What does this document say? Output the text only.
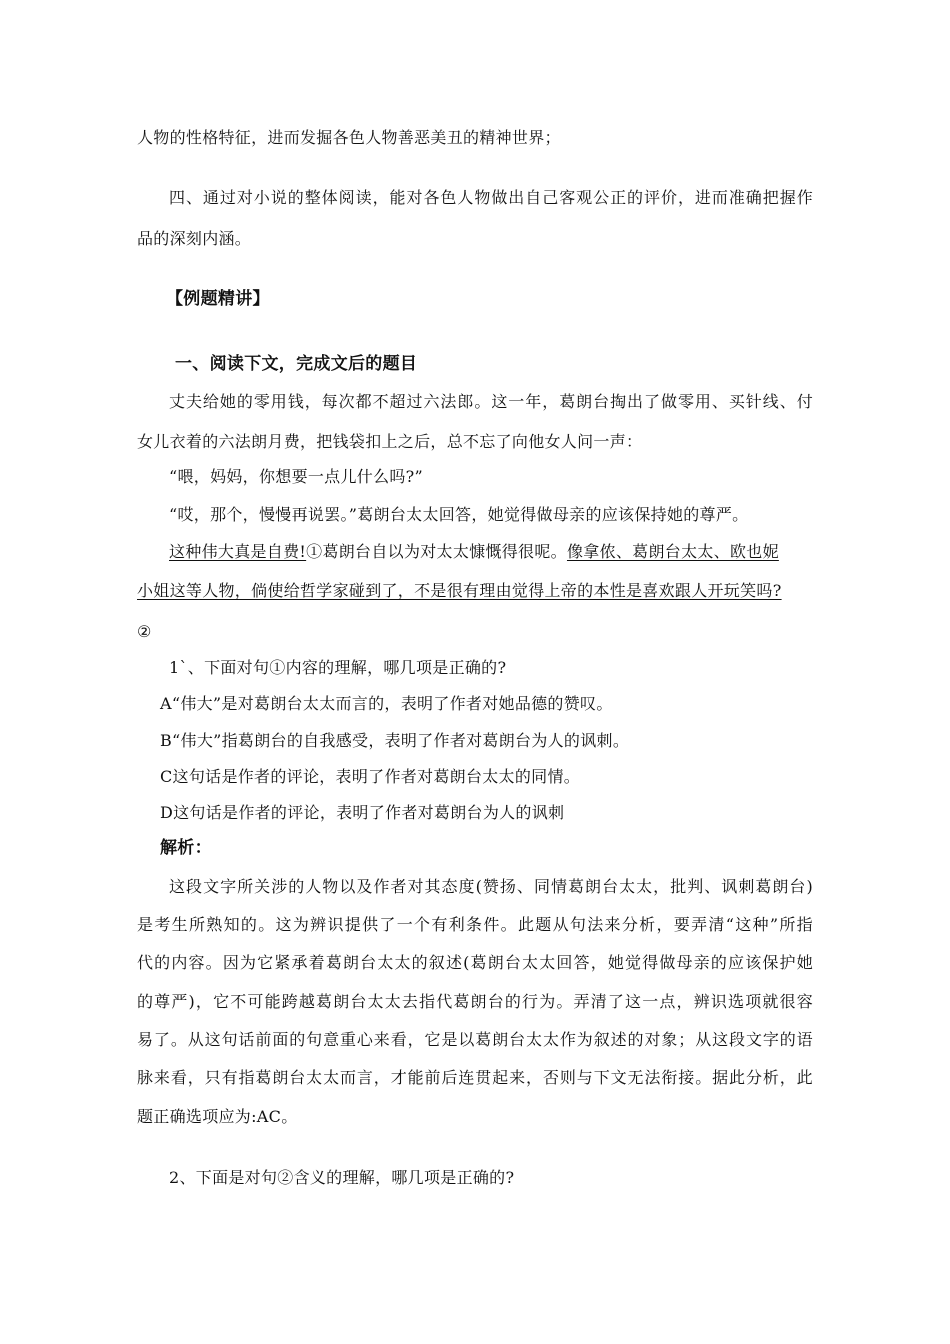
人物的性格特征，进而发掘各色人物善恶美丑的精神世界；
四、通过对小说的整体阅读，能对各色人物做出自己客观公正的评价，进而准确把握作
品的深刻内涵。
【例题精讲】
一、阅读下文，完成文后的题目
丈夫给她的零用钱，每次都不超过六法郎。这一年，葛朗台掏出了做零用、买针线、付
女儿衣着的六法朗月费，把钱袋扣上之后，总不忘了向他女人问一声：
“喂，妈妈，你想要一点儿什么吗?”
“哎，那个，慢慢再说罢。”葛朗台太太回答，她觉得做母亲的应该保持她的尊严。
这种伟大真是自费!①葛朗台自以为对太太慷慨得很呢。像拿侬、葛朗台太太、欧也妮
小姐这等人物，倘使给哲学家碰到了，不是很有理由觉得上帝的本性是喜欢跟人开玩笑吗?
②
1`、下面对句①内容的理解，哪几项是正确的?
A“伟大”是对葛朗台太太而言的，表明了作者对她品德的赞叹。
B“伟大”指葛朗台的自我感受，表明了作者对葛朗台为人的讽刺。
C这句话是作者的评论，表明了作者对葛朗台太太的同情。
D这句话是作者的评论，表明了作者对葛朗台为人的讽刺
解析：
这段文字所关涉的人物以及作者对其态度(赞扬、同情葛朗台太太，批判、讽刺葛朗台)
是考生所熟知的。这为辨识提供了一个有利条件。此题从句法来分析，要弄清“这种”所指
代的内容。因为它紧承着葛朗台太太的叙述(葛朗台太太回答，她觉得做母亲的应该保护她
的尊严)，它不可能跨越葛朗台太太去指代葛朗台的行为。弄清了这一点，辨识选项就很容
易了。从这句话前面的句意重心来看，它是以葛朗台太太作为叙述的对象；从这段文字的语
脉来看，只有指葛朗台太太而言，才能前后连贯起来，否则与下文无法衔接。据此分析，此
题正确选项应为:AC。
2、下面是对句②含义的理解，哪几项是正确的?
